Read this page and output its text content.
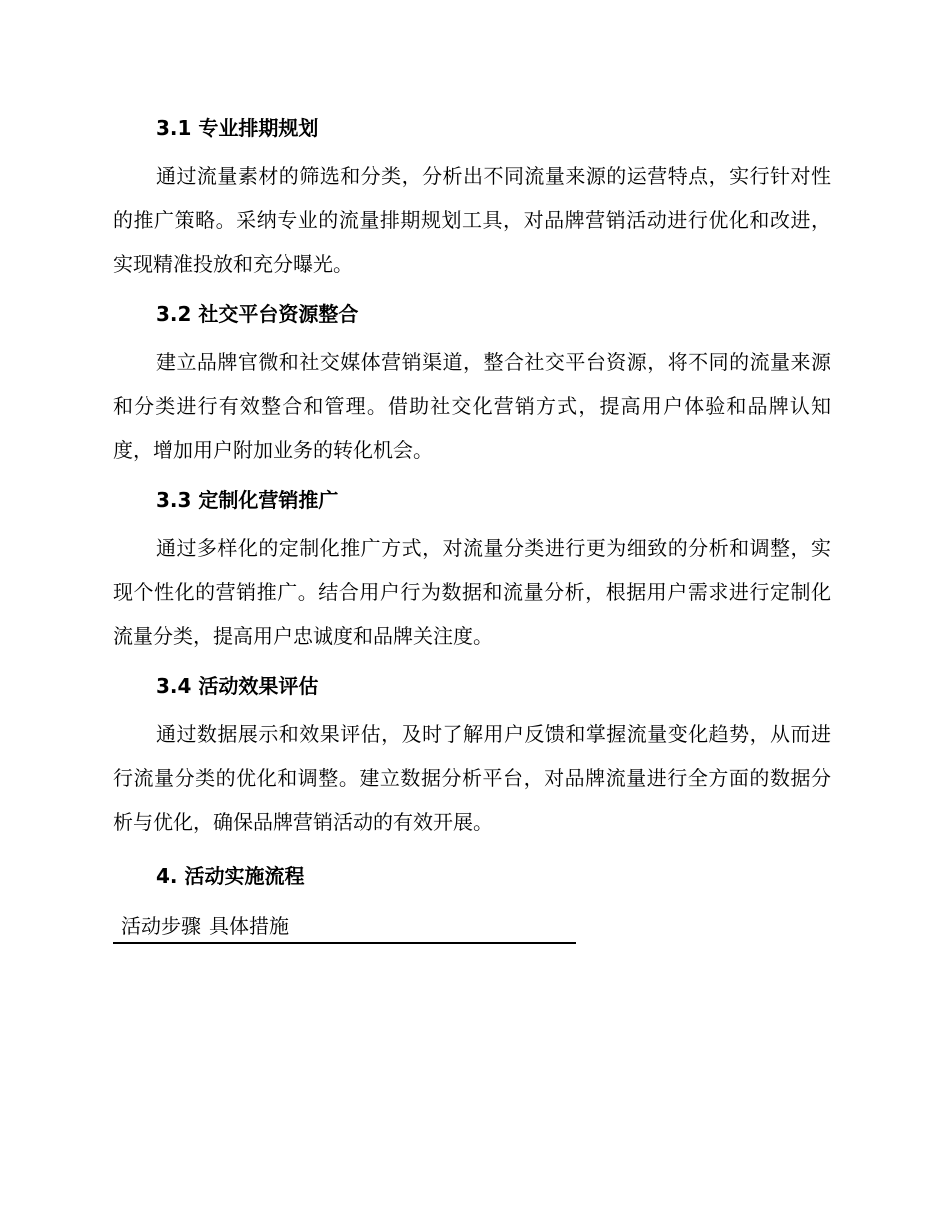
3.1 专业排期规划

通过流量素材的筛选和分类，分析出不同流量来源的运营特点，实行针对性的推广策略。采纳专业的流量排期规划工具，对品牌营销活动进行优化和改进，实现精准投放和充分曝光。

3.2 社交平台资源整合

建立品牌官微和社交媒体营销渠道，整合社交平台资源，将不同的流量来源和分类进行有效整合和管理。借助社交化营销方式，提高用户体验和品牌认知度，增加用户附加业务的转化机会。

3.3 定制化营销推广

通过多样化的定制化推广方式，对流量分类进行更为细致的分析和调整，实现个性化的营销推广。结合用户行为数据和流量分析，根据用户需求进行定制化流量分类，提高用户忠诚度和品牌关注度。

3.4 活动效果评估

通过数据展示和效果评估，及时了解用户反馈和掌握流量变化趋势，从而进行流量分类的优化和调整。建立数据分析平台，对品牌流量进行全方面的数据分析与优化，确保品牌营销活动的有效开展。

4. 活动实施流程
活动步骤	具体措施
